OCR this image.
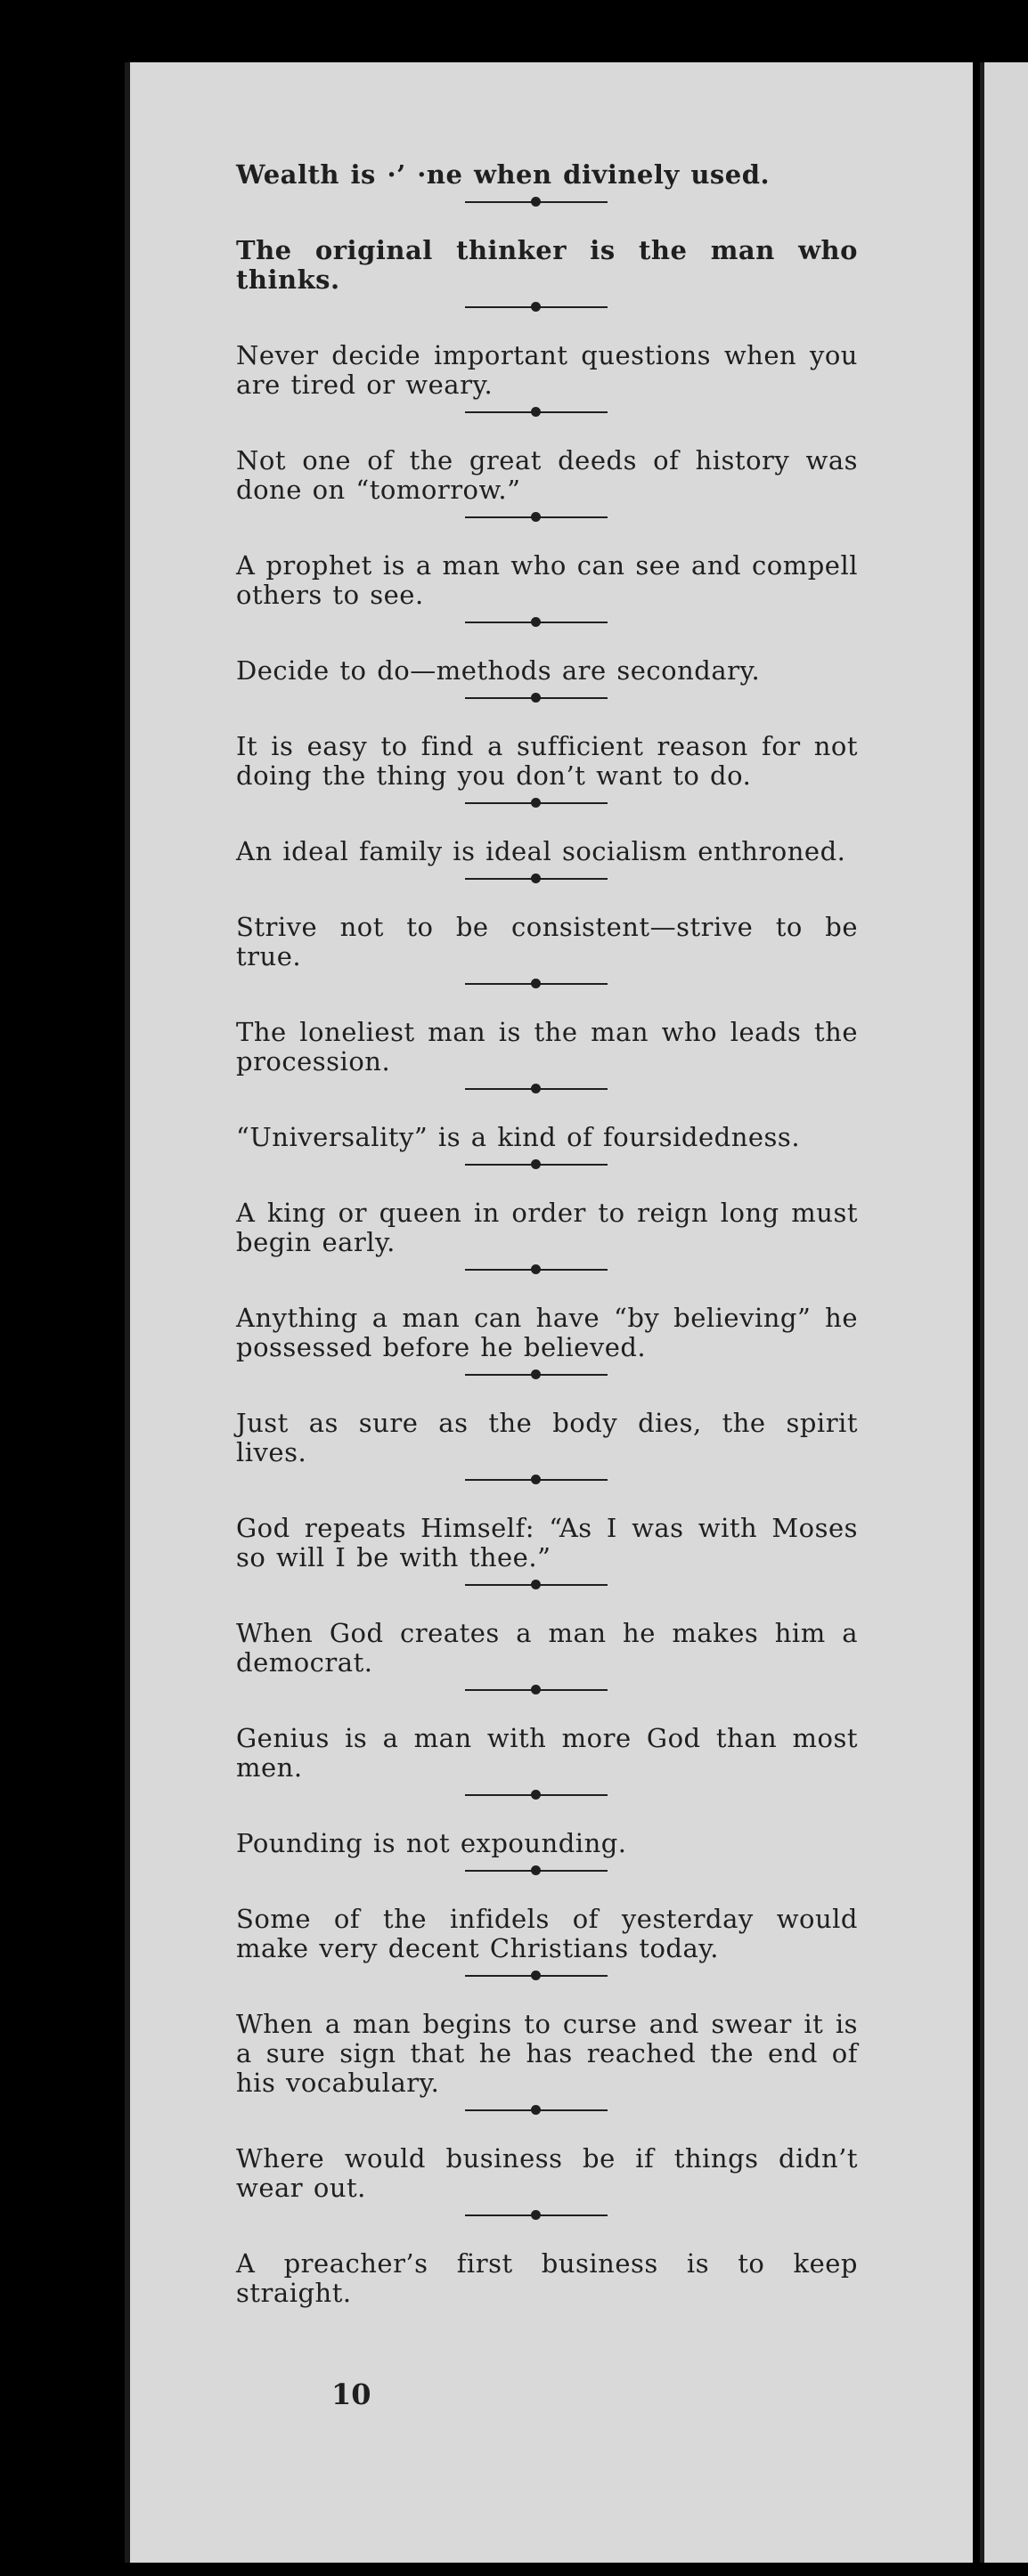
Wealth is ·’ ·ne when divinely used.

The original thinker is the man who thinks.

Never decide important questions when you are tired or weary.

Not one of the great deeds of history was done on “tomorrow.”

A prophet is a man who can see and compell others to see.

Decide to do—methods are secondary.

It is easy to find a sufficient reason for not doing the thing you don’t want to do.

An ideal family is ideal socialism enthroned.

Strive not to be consistent—strive to be true.

The loneliest man is the man who leads the procession.

“Universality” is a kind of foursidedness.

A king or queen in order to reign long must begin early.

Anything a man can have “by believing” he possessed before he believed.

Just as sure as the body dies, the spirit lives.

God repeats Himself: “As I was with Moses so will I be with thee.”

When God creates a man he makes him a democrat.

Genius is a man with more God than most men.

Pounding is not expounding.

Some of the infidels of yesterday would make very decent Christians today.

When a man begins to curse and swear it is a sure sign that he has reached the end of his vocabulary.

Where would business be if things didn’t wear out.

A preacher’s first business is to keep straight.

10
